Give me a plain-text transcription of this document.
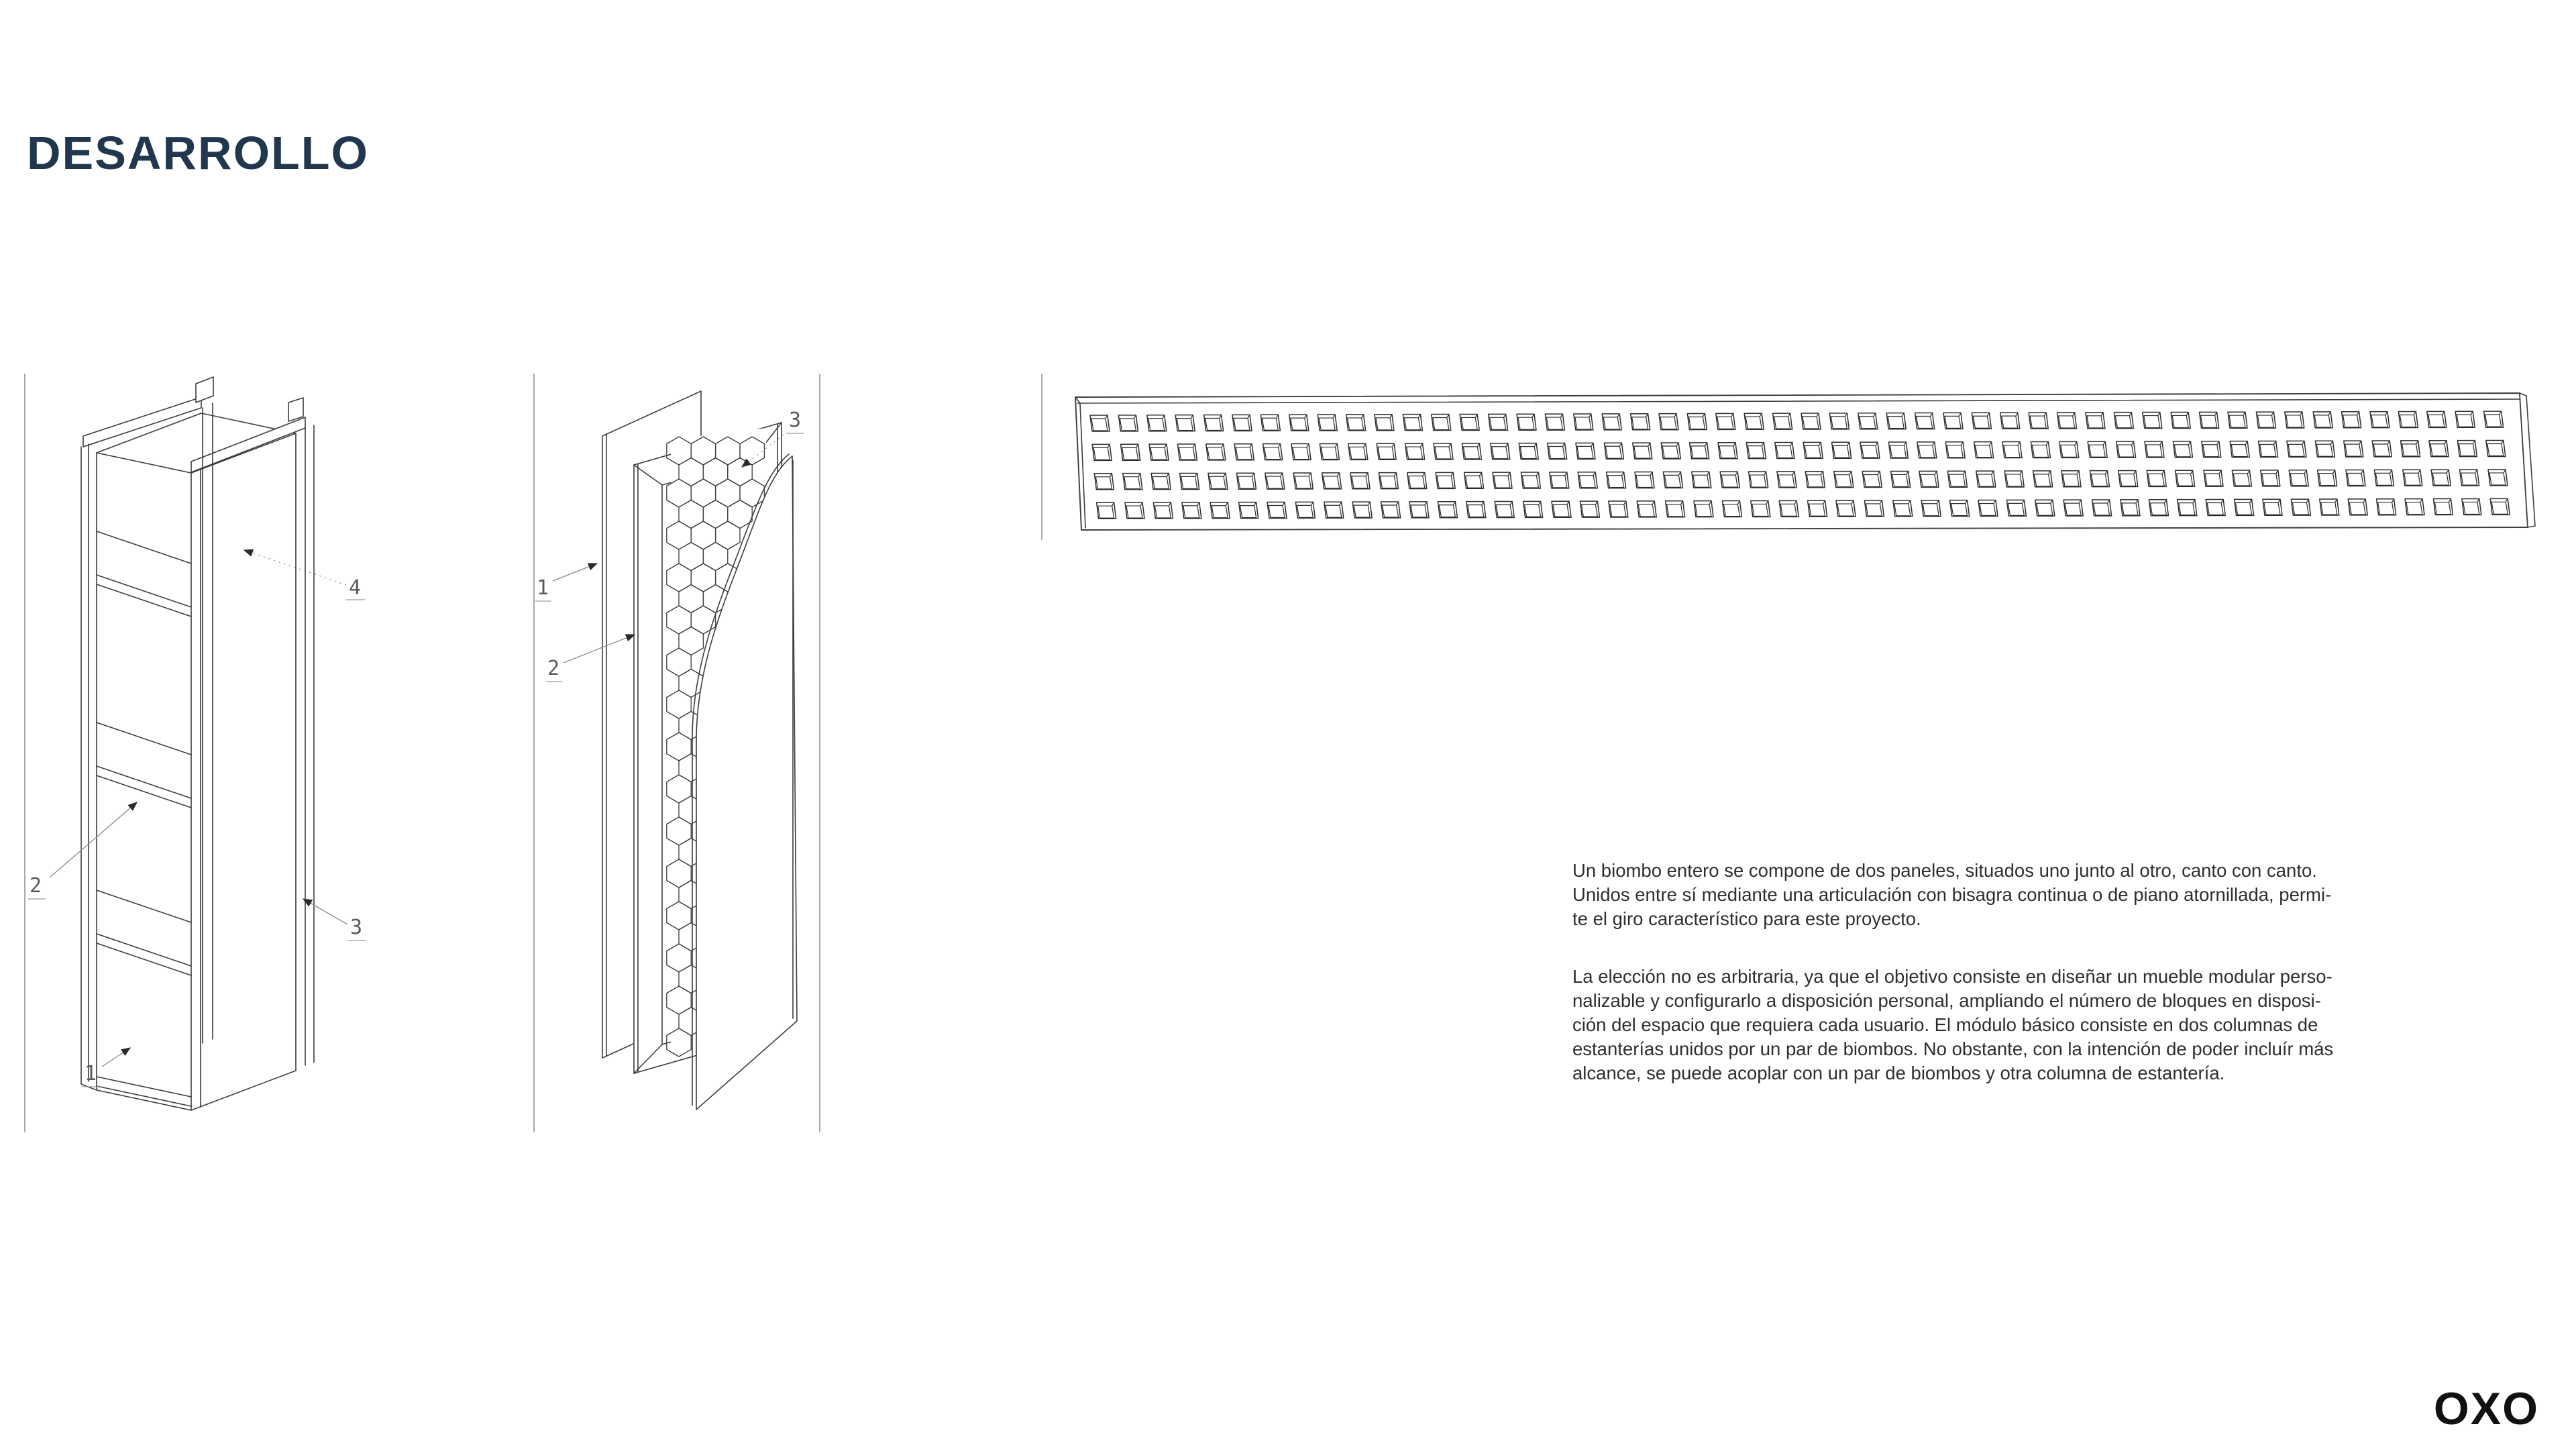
DESARROLLO
4
2
3
1
1
2
3
Un biombo entero se compone de dos paneles, situados uno junto al otro, canto con canto.
Unidos entre sí mediante una articulación con bisagra continua o de piano atornillada, permi-
te el giro característico para este proyecto.
La elección no es arbitraria, ya que el objetivo consiste en diseñar un mueble modular perso-
nalizable y configurarlo a disposición personal, ampliando el número de bloques en disposi-
ción del espacio que requiera cada usuario. El módulo básico consiste en dos columnas de
estanterías unidos por un par de biombos. No obstante, con la intención de poder incluír más
alcance, se puede acoplar con un par de biombos y otra columna de estantería.
OXO
